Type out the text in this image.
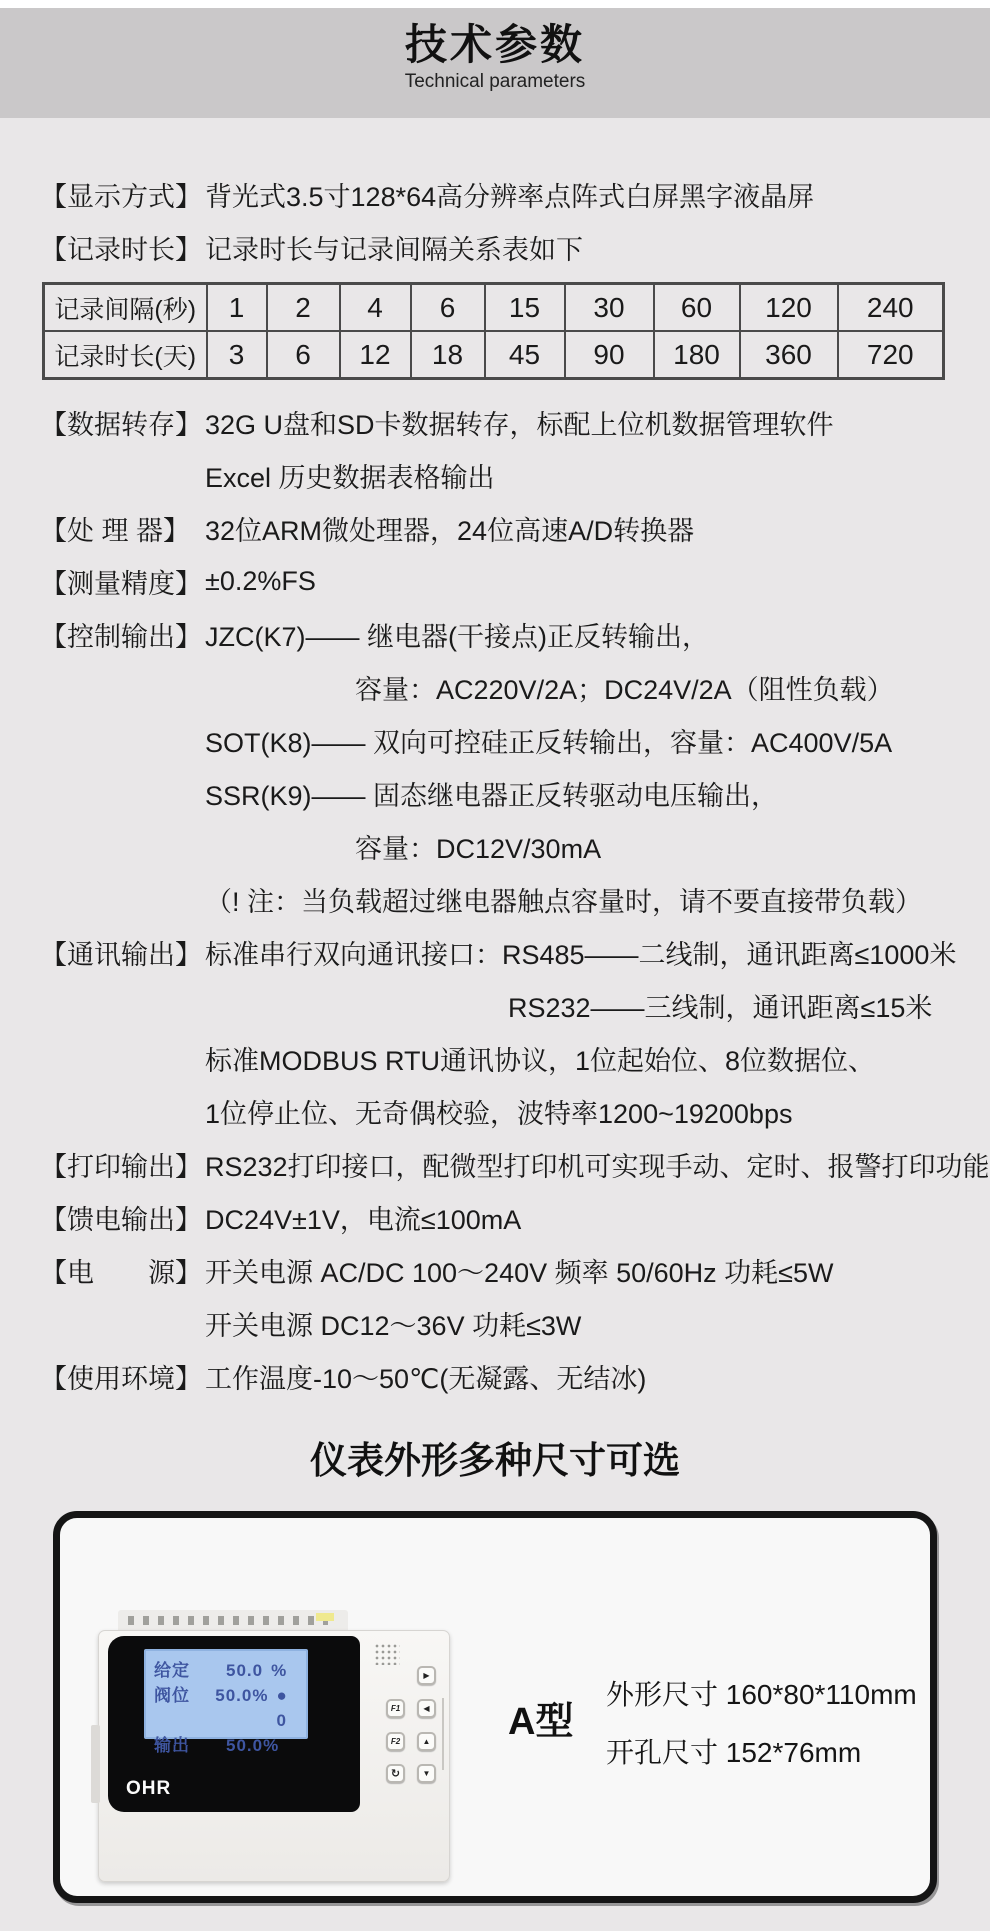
技术参数
Technical parameters
【显示方式】 背光式3.5寸128*64高分辨率点阵式白屏黑字液晶屏
【记录时长】 记录时长与记录间隔关系表如下
记录间隔(秒)	1	2	4	6	15	30	60	120	240
记录时长(天)	3	6	12	18	45	90	180	360	720
【数据转存】 32G U盘和SD卡数据转存，标配上位机数据管理软件
Excel 历史数据表格输出
【处 理 器】 32位ARM微处理器，24位高速A/D转换器
【测量精度】 ±0.2%FS
【控制输出】 JZC(K7)—— 继电器(干接点)正反转输出，
容量：AC220V/2A；DC24V/2A（阻性负载）
SOT(K8)—— 双向可控硅正反转输出，容量：AC400V/5A
SSR(K9)—— 固态继电器正反转驱动电压输出，
容量：DC12V/30mA
（! 注：当负载超过继电器触点容量时，请不要直接带负载）
【通讯输出】 标准串行双向通讯接口：RS485——二线制，通讯距离≤1000米
RS232——三线制，通讯距离≤15米
标准MODBUS RTU通讯协议，1位起始位、8位数据位、
1位停止位、无奇偶校验，波特率1200~19200bps
【打印输出】 RS232打印接口，配微型打印机可实现手动、定时、报警打印功能
【馈电输出】 DC24V±1V，电流≤100mA
【电　　源】 开关电源 AC/DC 100～240V 频率 50/60Hz 功耗≤5W
开关电源 DC12～36V 功耗≤3W
【使用环境】 工作温度-10～50℃(无凝露、无结冰)
仪表外形多种尺寸可选
OHR
给定	50.0 %
阀位 50.0% ● 0
输出	50.0%
F1
F2
↻
▶
◀
▲
▼
A型
外形尺寸 160*80*110mm
开孔尺寸 152*76mm
